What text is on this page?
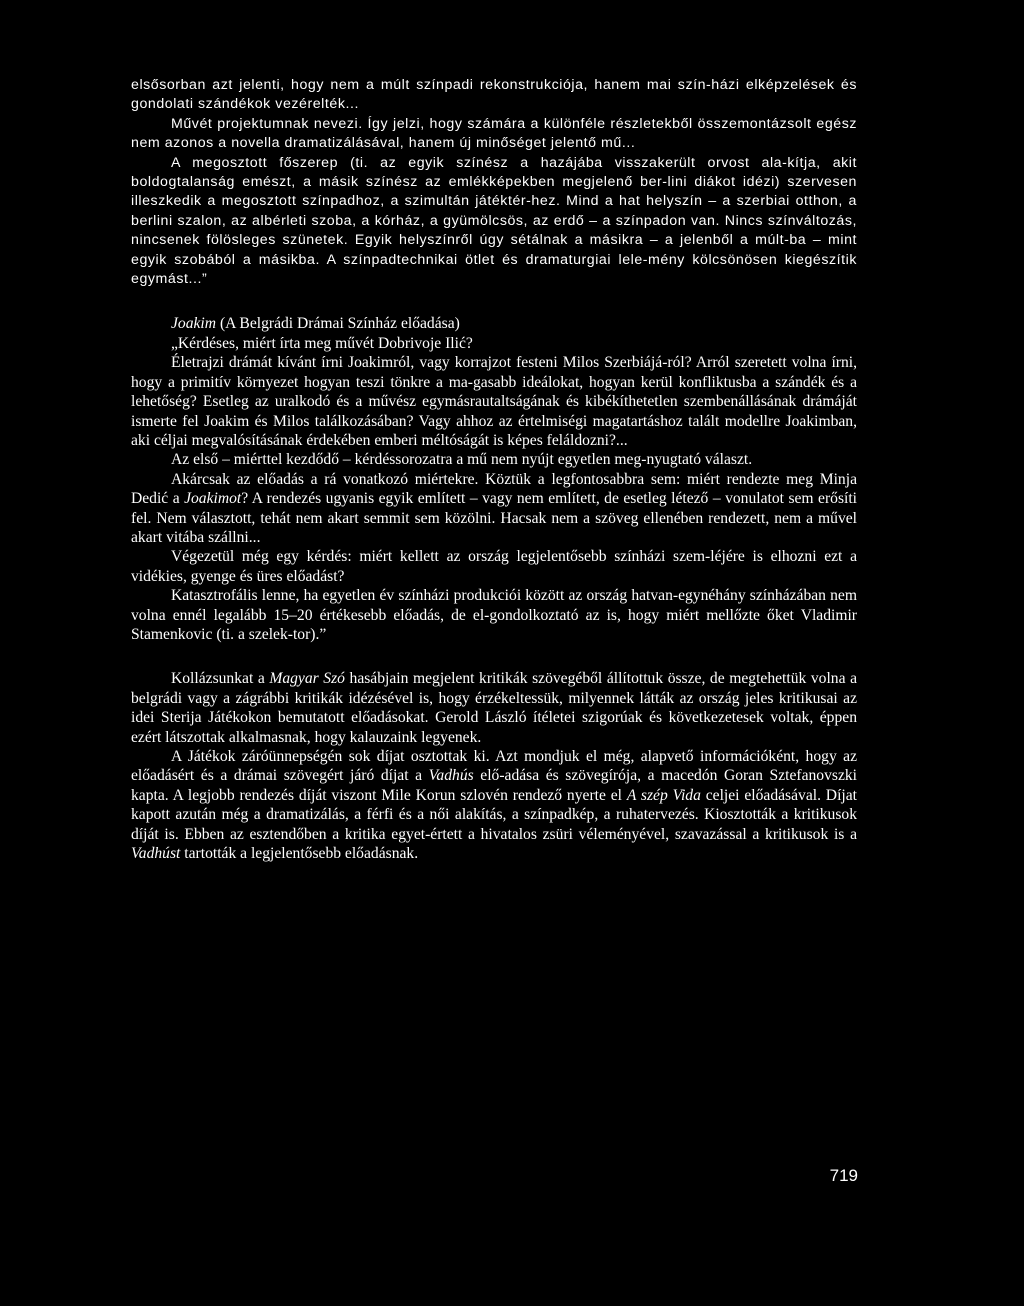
elsősorban azt jelenti, hogy nem a múlt színpadi rekonstrukciója, hanem mai szín-házi elképzelések és gondolati szándékok vezérelték...

Művét projektumnak nevezi. Így jelzi, hogy számára a különféle részletekből összemontázsolt egész nem azonos a novella dramatizálásával, hanem új minőséget jelentő mű...

A megosztott főszerep (ti. az egyik színész a hazájába visszakerült orvost ala-kítja, akit boldogtalanság emészt, a másik színész az emlékképekben megjelenő ber-lini diákot idézi) szervesen illeszkedik a megosztott színpadhoz, a szimultán játéktér-hez. Mind a hat helyszín – a szerbiai otthon, a berlini szalon, az albérleti szoba, a kórház, a gyümölcsös, az erdő – a színpadon van. Nincs színváltozás, nincsenek fölösleges szünetek. Egyik helyszínről úgy sétálnak a másikra – a jelenből a múlt-ba – mint egyik szobából a másikba. A színpadtechnikai ötlet és dramaturgiai lele-mény kölcsönösen kiegészítik egymást...”

Joakim (A Belgrádi Drámai Színház előadása)

„Kérdéses, miért írta meg művét Dobrivoje Ilić?

Életrajzi drámát kívánt írni Joakimról, vagy korrajzot festeni Milos Szerbiájá-ról? Arról szeretett volna írni, hogy a primitív környezet hogyan teszi tönkre a ma-gasabb ideálokat, hogyan kerül konfliktusba a szándék és a lehetőség? Esetleg az uralkodó és a művész egymásrautaltságának és kibékíthetetlen szembenállásának drámáját ismerte fel Joakim és Milos találkozásában? Vagy ahhoz az értelmiségi magatartáshoz talált modellre Joakimban, aki céljai megvalósításának érdekében emberi méltóságát is képes feláldozni?...

Az első – miérttel kezdődő – kérdéssorozatra a mű nem nyújt egyetlen meg-nyugtató választ.

Akárcsak az előadás a rá vonatkozó miértekre. Köztük a legfontosabbra sem: miért rendezte meg Minja Dedić a Joakimot? A rendezés ugyanis egyik említett – vagy nem említett, de esetleg létező – vonulatot sem erősíti fel. Nem választott, tehát nem akart semmit sem közölni. Hacsak nem a szöveg ellenében rendezett, nem a művel akart vitába szállni...

Végezetül még egy kérdés: miért kellett az ország legjelentősebb színházi szem-léjére is elhozni ezt a vidékies, gyenge és üres előadást?

Katasztrofális lenne, ha egyetlen év színházi produkciói között az ország hatvan-egynéhány színházában nem volna ennél legalább 15–20 értékesebb előadás, de el-gondolkoztató az is, hogy miért mellőzte őket Vladimir Stamenkovic (ti. a szelek-tor).”

Kollázsunkat a Magyar Szó hasábjain megjelent kritikák szövegéből állítottuk össze, de megtehettük volna a belgrádi vagy a zágrábbi kritikák idézésével is, hogy érzékeltessük, milyennek látták az ország jeles kritikusai az idei Sterija Játékokon bemutatott előadásokat. Gerold László ítéletei szigorúak és következetesek voltak, éppen ezért látszottak alkalmasnak, hogy kalauzaink legyenek.

A Játékok záróünnepségén sok díjat osztottak ki. Azt mondjuk el még, alapvető információként, hogy az előadásért és a drámai szövegért járó díjat a Vadhús elő-adása és szövegírója, a macedón Goran Sztefanovszki kapta. A legjobb rendezés díját viszont Mile Korun szlovén rendező nyerte el A szép Vida celjei előadásával. Díjat kapott azután még a dramatizálás, a férfi és a női alakítás, a színpadkép, a ruhatervezés. Kiosztották a kritikusok díját is. Ebben az esztendőben a kritika egyet-értett a hivatalos zsüri véleményével, szavazással a kritikusok is a Vadhúst tartották a legjelentősebb előadásnak.

719
